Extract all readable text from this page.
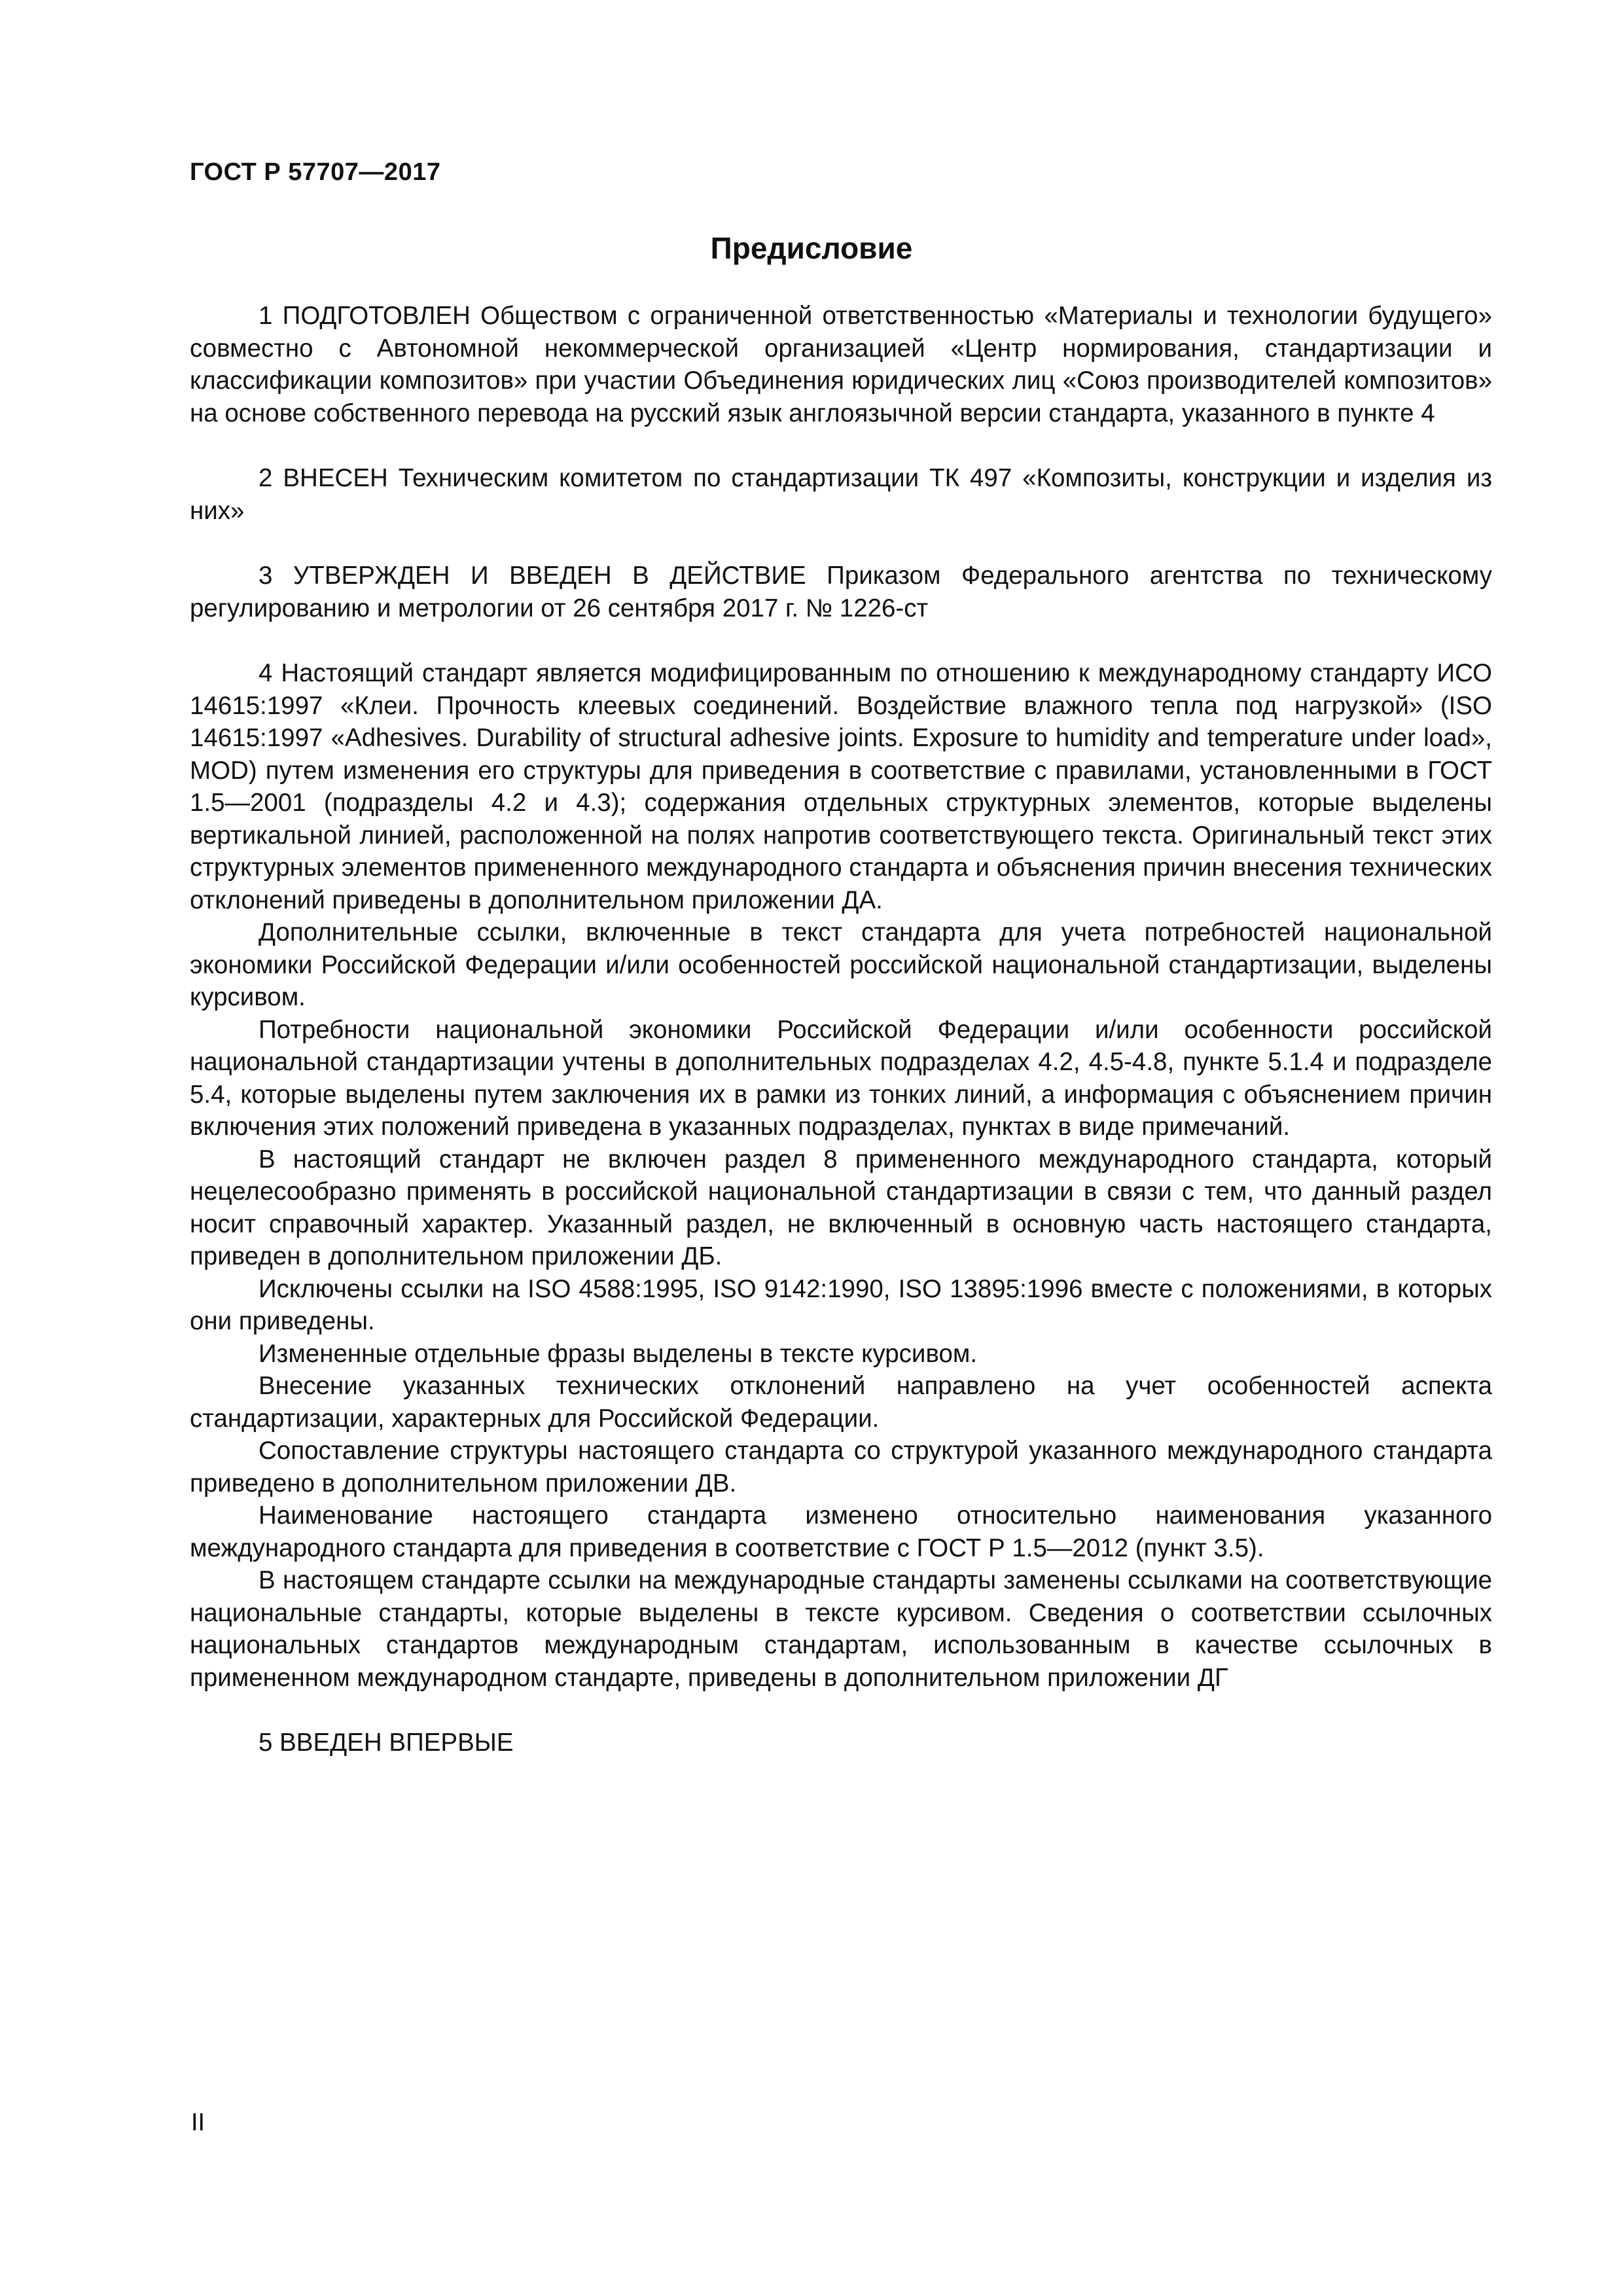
ГОСТ Р 57707—2017
Предисловие

1 ПОДГОТОВЛЕН Обществом с ограниченной ответственностью «Материалы и технологии будущего» совместно с Автономной некоммерческой организацией «Центр нормирования, стандартизации и классификации композитов» при участии Объединения юридических лиц «Союз производителей композитов» на основе собственного перевода на русский язык англоязычной версии стандарта, указанного в пункте 4

2 ВНЕСЕН Техническим комитетом по стандартизации ТК 497 «Композиты, конструкции и изделия из них»

3 УТВЕРЖДЕН И ВВЕДЕН В ДЕЙСТВИЕ Приказом Федерального агентства по техническому регулированию и метрологии от 26 сентября 2017 г. № 1226-ст

4 Настоящий стандарт является модифицированным по отношению к международному стандарту ИСО 14615:1997 «Клеи. Прочность клеевых соединений. Воздействие влажного тепла под нагрузкой» (ISO 14615:1997 «Adhesives. Durability of structural adhesive joints. Exposure to humidity and temperature under load», MOD) путем изменения его структуры для приведения в соответствие с правилами, установленными в ГОСТ 1.5—2001 (подразделы 4.2 и 4.3); содержания отдельных структурных элементов, которые выделены вертикальной линией, расположенной на полях напротив соответствующего текста. Оригинальный текст этих структурных элементов примененного международного стандарта и объяснения причин внесения технических отклонений приведены в дополнительном приложении ДА.

Дополнительные ссылки, включенные в текст стандарта для учета потребностей национальной экономики Российской Федерации и/или особенностей российской национальной стандартизации, выделены курсивом.

Потребности национальной экономики Российской Федерации и/или особенности российской национальной стандартизации учтены в дополнительных подразделах 4.2, 4.5-4.8, пункте 5.1.4 и подразделе 5.4, которые выделены путем заключения их в рамки из тонких линий, а информация с объяснением причин включения этих положений приведена в указанных подразделах, пунктах в виде примечаний.

В настоящий стандарт не включен раздел 8 примененного международного стандарта, который нецелесообразно применять в российской национальной стандартизации в связи с тем, что данный раздел носит справочный характер. Указанный раздел, не включенный в основную часть настоящего стандарта, приведен в дополнительном приложении ДБ.

Исключены ссылки на ISO 4588:1995, ISO 9142:1990, ISO 13895:1996 вместе с положениями, в которых они приведены.

Измененные отдельные фразы выделены в тексте курсивом.

Внесение указанных технических отклонений направлено на учет особенностей аспекта стандартизации, характерных для Российской Федерации.

Сопоставление структуры настоящего стандарта со структурой указанного международного стандарта приведено в дополнительном приложении ДВ.

Наименование настоящего стандарта изменено относительно наименования указанного международного стандарта для приведения в соответствие с ГОСТ Р 1.5—2012 (пункт 3.5).

В настоящем стандарте ссылки на международные стандарты заменены ссылками на соответствующие национальные стандарты, которые выделены в тексте курсивом. Сведения о соответствии ссылочных национальных стандартов международным стандартам, использованным в качестве ссылочных в примененном международном стандарте, приведены в дополнительном приложении ДГ

5 ВВЕДЕН ВПЕРВЫЕ

II
